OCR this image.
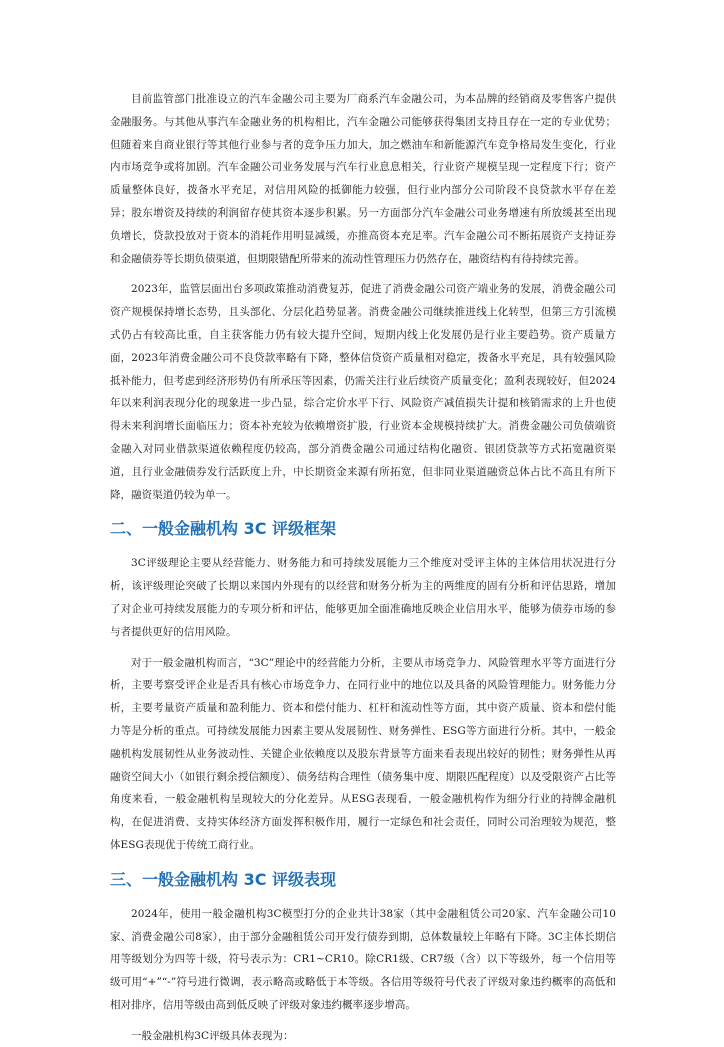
目前监管部门批准设立的汽车金融公司主要为厂商系汽车金融公司，为本品牌的经销商及零售客户提供金融服务。与其他从事汽车金融业务的机构相比，汽车金融公司能够获得集团支持且存在一定的专业优势；但随着来自商业银行等其他行业参与者的竞争压力加大，加之燃油车和新能源汽车竞争格局发生变化，行业内市场竞争或将加剧。汽车金融公司业务发展与汽车行业息息相关，行业资产规模呈现一定程度下行；资产质量整体良好，拨备水平充足，对信用风险的抵御能力较强，但行业内部分公司阶段不良贷款水平存在差异；股东增资及持续的利润留存使其资本逐步积累。另一方面部分汽车金融公司业务增速有所放缓甚至出现负增长，贷款投放对于资本的消耗作用明显减缓，亦推高资本充足率。汽车金融公司不断拓展资产支持证券和金融债券等长期负债渠道，但期限错配所带来的流动性管理压力仍然存在，融资结构有待持续完善。

2023年，监管层面出台多项政策推动消费复苏，促进了消费金融公司资产端业务的发展，消费金融公司资产规模保持增长态势，且头部化、分层化趋势显著。消费金融公司继续推进线上化转型，但第三方引流模式仍占有较高比重，自主获客能力仍有较大提升空间，短期内线上化发展仍是行业主要趋势。资产质量方面，2023年消费金融公司不良贷款率略有下降，整体信贷资产质量相对稳定，拨备水平充足，具有较强风险抵补能力，但考虑到经济形势仍有所承压等因素，仍需关注行业后续资产质量变化；盈利表现较好，但2024年以来利润表现分化的现象进一步凸显，综合定价水平下行、风险资产减值损失计提和核销需求的上升也使得未来利润增长面临压力；资本补充较为依赖增资扩股，行业资本金规模持续扩大。消费金融公司负债端资金融入对同业借款渠道依赖程度仍较高，部分消费金融公司通过结构化融资、银团贷款等方式拓宽融资渠道，且行业金融债券发行活跃度上升，中长期资金来源有所拓宽，但非同业渠道融资总体占比不高且有所下降，融资渠道仍较为单一。

二、一般金融机构 3C 评级框架

3C评级理论主要从经营能力、财务能力和可持续发展能力三个维度对受评主体的主体信用状况进行分析，该评级理论突破了长期以来国内外现有的以经营和财务分析为主的两维度的固有分析和评估思路，增加了对企业可持续发展能力的专项分析和评估，能够更加全面准确地反映企业信用水平，能够为债券市场的参与者提供更好的信用风险。

对于一般金融机构而言，“3C”理论中的经营能力分析，主要从市场竞争力、风险管理水平等方面进行分析，主要考察受评企业是否具有核心市场竞争力、在同行业中的地位以及具备的风险管理能力。财务能力分析，主要考量资产质量和盈利能力、资本和偿付能力、杠杆和流动性等方面，其中资产质量、资本和偿付能力等是分析的重点。可持续发展能力因素主要从发展韧性、财务弹性、ESG等方面进行分析。其中，一般金融机构发展韧性从业务波动性、关键企业依赖度以及股东背景等方面来看表现出较好的韧性；财务弹性从再融资空间大小（如银行剩余授信额度）、债务结构合理性（债务集中度、期限匹配程度）以及受限资产占比等角度来看，一般金融机构呈现较大的分化差异。从ESG表现看，一般金融机构作为细分行业的持牌金融机构，在促进消费、支持实体经济方面发挥积极作用，履行一定绿色和社会责任，同时公司治理较为规范，整体ESG表现优于传统工商行业。

三、一般金融机构 3C 评级表现

2024年，使用一般金融机构3C模型打分的企业共计38家（其中金融租赁公司20家、汽车金融公司10家、消费金融公司8家），由于部分金融租赁公司开发行债券到期，总体数量较上年略有下降。3C主体长期信用等级划分为四等十级，符号表示为：CR1~CR10。除CR1级、CR7级（含）以下等级外，每一个信用等级可用“+”“-”符号进行微调，表示略高或略低于本等级。各信用等级符号代表了评级对象违约概率的高低和相对排序，信用等级由高到低反映了评级对象违约概率逐步增高。

一般金融机构3C评级具体表现为：
